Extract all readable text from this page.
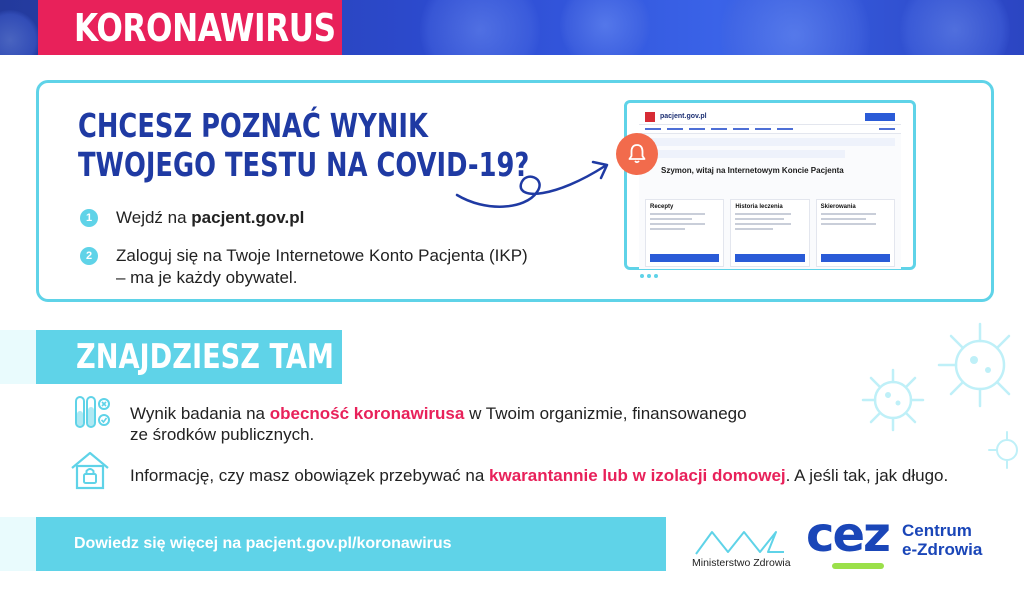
KORONAWIRUS
CHCESZ POZNAĆ WYNIK
TWOJEGO TESTU NA COVID-19?
1	Wejdź na pacjent.gov.pl
2	Zaloguj się na Twoje Internetowe Konto Pacjenta (IKP)
– ma je każdy obywatel.
pacjent.gov.pl
Szymon, witaj na Internetowym Koncie Pacjenta
Recepty	Historia leczenia	Skierowania
ZNAJDZIESZ TAM
Wynik badania na obecność koronawirusa w Twoim organizmie, finansowanego
ze środków publicznych.
Informację, czy masz obowiązek przebywać na kwarantannie lub w izolacji domowej. A jeśli tak, jak długo.
Dowiedz się więcej na pacjent.gov.pl/koronawirus
Ministerstwo Zdrowia cez Centrum
e-Zdrowia
